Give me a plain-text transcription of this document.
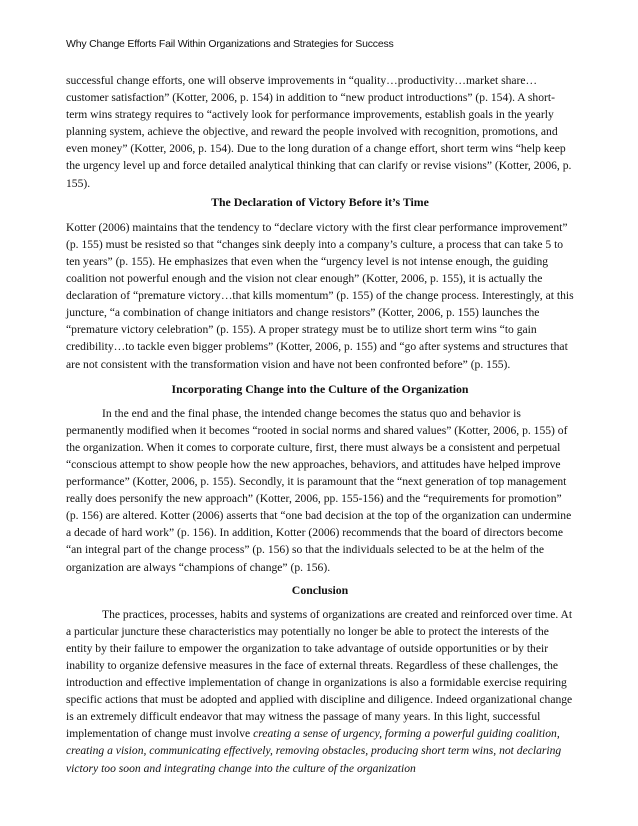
Why Change Efforts Fail Within Organizations and Strategies for Success

successful change efforts, one will observe improvements in “quality…productivity…market share…customer satisfaction” (Kotter, 2006, p. 154) in addition to “new product introductions” (p. 154). A short-term wins strategy requires to “actively look for performance improvements, establish goals in the yearly planning system, achieve the objective, and reward the people involved with recognition, promotions, and even money” (Kotter, 2006, p. 154). Due to the long duration of a change effort, short term wins “help keep the urgency level up and force detailed analytical thinking that can clarify or revise visions” (Kotter, 2006, p. 155).

The Declaration of Victory Before it’s Time

Kotter (2006) maintains that the tendency to “declare victory with the first clear performance improvement” (p. 155) must be resisted so that “changes sink deeply into a company’s culture, a process that can take 5 to ten years” (p. 155). He emphasizes that even when the “urgency level is not intense enough, the guiding coalition not powerful enough and the vision not clear enough” (Kotter, 2006, p. 155), it is actually the declaration of “premature victory…that kills momentum” (p. 155) of the change process. Interestingly, at this juncture, “a combination of change initiators and change resistors” (Kotter, 2006, p. 155) launches the “premature victory celebration” (p. 155). A proper strategy must be to utilize short term wins “to gain credibility…to tackle even bigger problems” (Kotter, 2006, p. 155) and “go after systems and structures that are not consistent with the transformation vision and have not been confronted before” (p. 155).

Incorporating Change into the Culture of the Organization

In the end and the final phase, the intended change becomes the status quo and behavior is permanently modified when it becomes “rooted in social norms and shared values” (Kotter, 2006, p. 155) of the organization. When it comes to corporate culture, first, there must always be a consistent and perpetual “conscious attempt to show people how the new approaches, behaviors, and attitudes have helped improve performance” (Kotter, 2006, p. 155). Secondly, it is paramount that the “next generation of top management really does personify the new approach” (Kotter, 2006, pp. 155-156) and the “requirements for promotion” (p. 156) are altered. Kotter (2006) asserts that “one bad decision at the top of the organization can undermine a decade of hard work” (p. 156). In addition, Kotter (2006) recommends that the board of directors become “an integral part of the change process” (p. 156) so that the individuals selected to be at the helm of the organization are always “champions of change” (p. 156).

Conclusion

The practices, processes, habits and systems of organizations are created and reinforced over time. At a particular juncture these characteristics may potentially no longer be able to protect the interests of the entity by their failure to empower the organization to take advantage of outside opportunities or by their inability to organize defensive measures in the face of external threats. Regardless of these challenges, the introduction and effective implementation of change in organizations is also a formidable exercise requiring specific actions that must be adopted and applied with discipline and diligence. Indeed organizational change is an extremely difficult endeavor that may witness the passage of many years. In this light, successful implementation of change must involve creating a sense of urgency, forming a powerful guiding coalition, creating a vision, communicating effectively, removing obstacles, producing short term wins, not declaring victory too soon and integrating change into the culture of the organization
